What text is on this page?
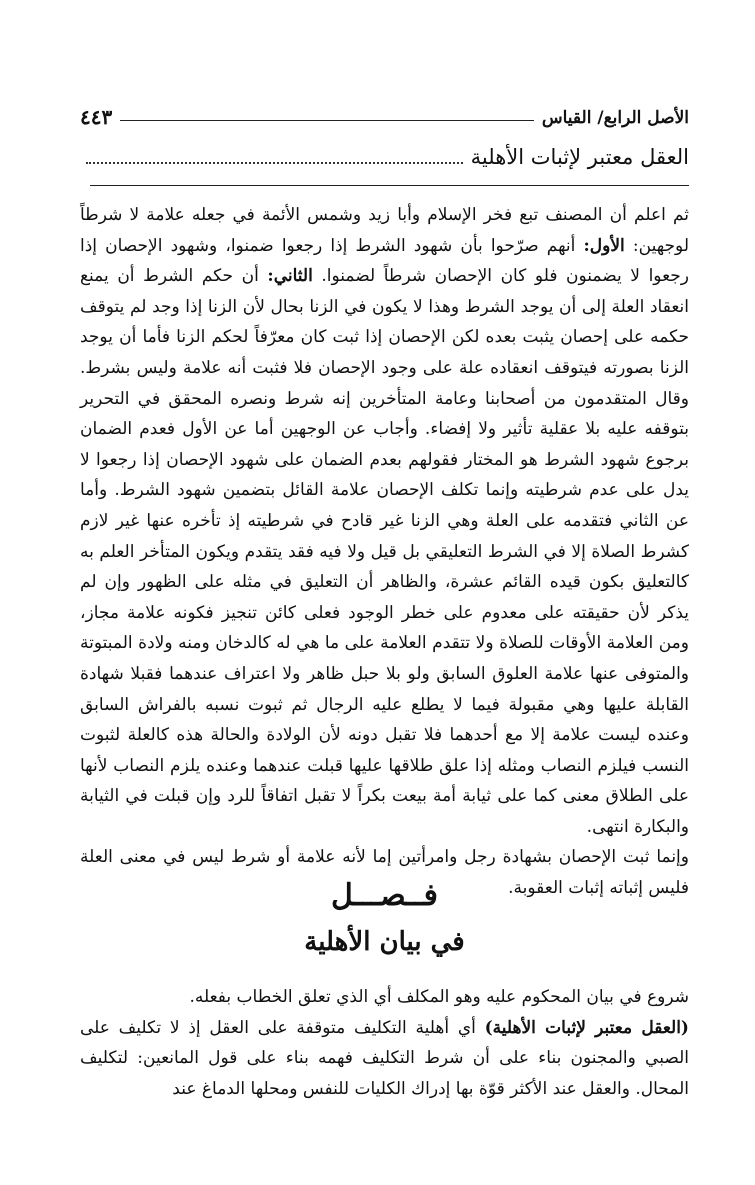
الأصل الرابع/ القياس
٤٤٣
العقل معتبر لإثبات الأهلية

ثم اعلم أن المصنف تبع فخر الإسلام وأبا زيد وشمس الأئمة في جعله علامة لا شرطاً لوجهين: الأول: أنهم صرّحوا بأن شهود الشرط إذا رجعوا ضمنوا، وشهود الإحصان إذا رجعوا لا يضمنون فلو كان الإحصان شرطاً لضمنوا. الثاني: أن حكم الشرط أن يمنع انعقاد العلة إلى أن يوجد الشرط وهذا لا يكون في الزنا بحال لأن الزنا إذا وجد لم يتوقف حكمه على إحصان يثبت بعده لكن الإحصان إذا ثبت كان معرّفاً لحكم الزنا فأما أن يوجد الزنا بصورته فيتوقف انعقاده علة على وجود الإحصان فلا فثبت أنه علامة وليس بشرط. وقال المتقدمون من أصحابنا وعامة المتأخرين إنه شرط ونصره المحقق في التحرير بتوقفه عليه بلا عقلية تأثير ولا إفضاء. وأجاب عن الوجهين أما عن الأول فعدم الضمان برجوع شهود الشرط هو المختار فقولهم بعدم الضمان على شهود الإحصان إذا رجعوا لا يدل على عدم شرطيته وإنما تكلف الإحصان علامة القائل بتضمين شهود الشرط. وأما عن الثاني فتقدمه على العلة وهي الزنا غير قادح في شرطيته إذ تأخره عنها غير لازم كشرط الصلاة إلا في الشرط التعليقي بل قيل ولا فيه فقد يتقدم ويكون المتأخر العلم به كالتعليق بكون قيده القائم عشرة، والظاهر أن التعليق في مثله على الظهور وإن لم يذكر لأن حقيقته على معدوم على خطر الوجود فعلى كائن تنجيز فكونه علامة مجاز، ومن العلامة الأوقات للصلاة ولا تتقدم العلامة على ما هي له كالدخان ومنه ولادة المبتوتة والمتوفى عنها علامة العلوق السابق ولو بلا حبل ظاهر ولا اعتراف عندهما فقبلا شهادة القابلة عليها وهي مقبولة فيما لا يطلع عليه الرجال ثم ثبوت نسبه بالفراش السابق وعنده ليست علامة إلا مع أحدهما فلا تقبل دونه لأن الولادة والحالة هذه كالعلة لثبوت النسب فيلزم النصاب ومثله إذا علق طلاقها عليها قبلت عندهما وعنده يلزم النصاب لأنها على الطلاق معنى كما على ثيابة أمة بيعت بكراً لا تقبل اتفاقاً للرد وإن قبلت في الثيابة والبكارة انتهى.

وإنما ثبت الإحصان بشهادة رجل وامرأتين إما لأنه علامة أو شرط ليس في معنى العلة فليس إثباته إثبات العقوبة.

فــصـــل
في بيان الأهلية

شروع في بيان المحكوم عليه وهو المكلف أي الذي تعلق الخطاب بفعله.

(العقل معتبر لإثبات الأهلية) أي أهلية التكليف متوقفة على العقل إذ لا تكليف على الصبي والمجنون بناء على أن شرط التكليف فهمه بناء على قول المانعين: لتكليف المحال. والعقل عند الأكثر قوّة بها إدراك الكليات للنفس ومحلها الدماغ عند
